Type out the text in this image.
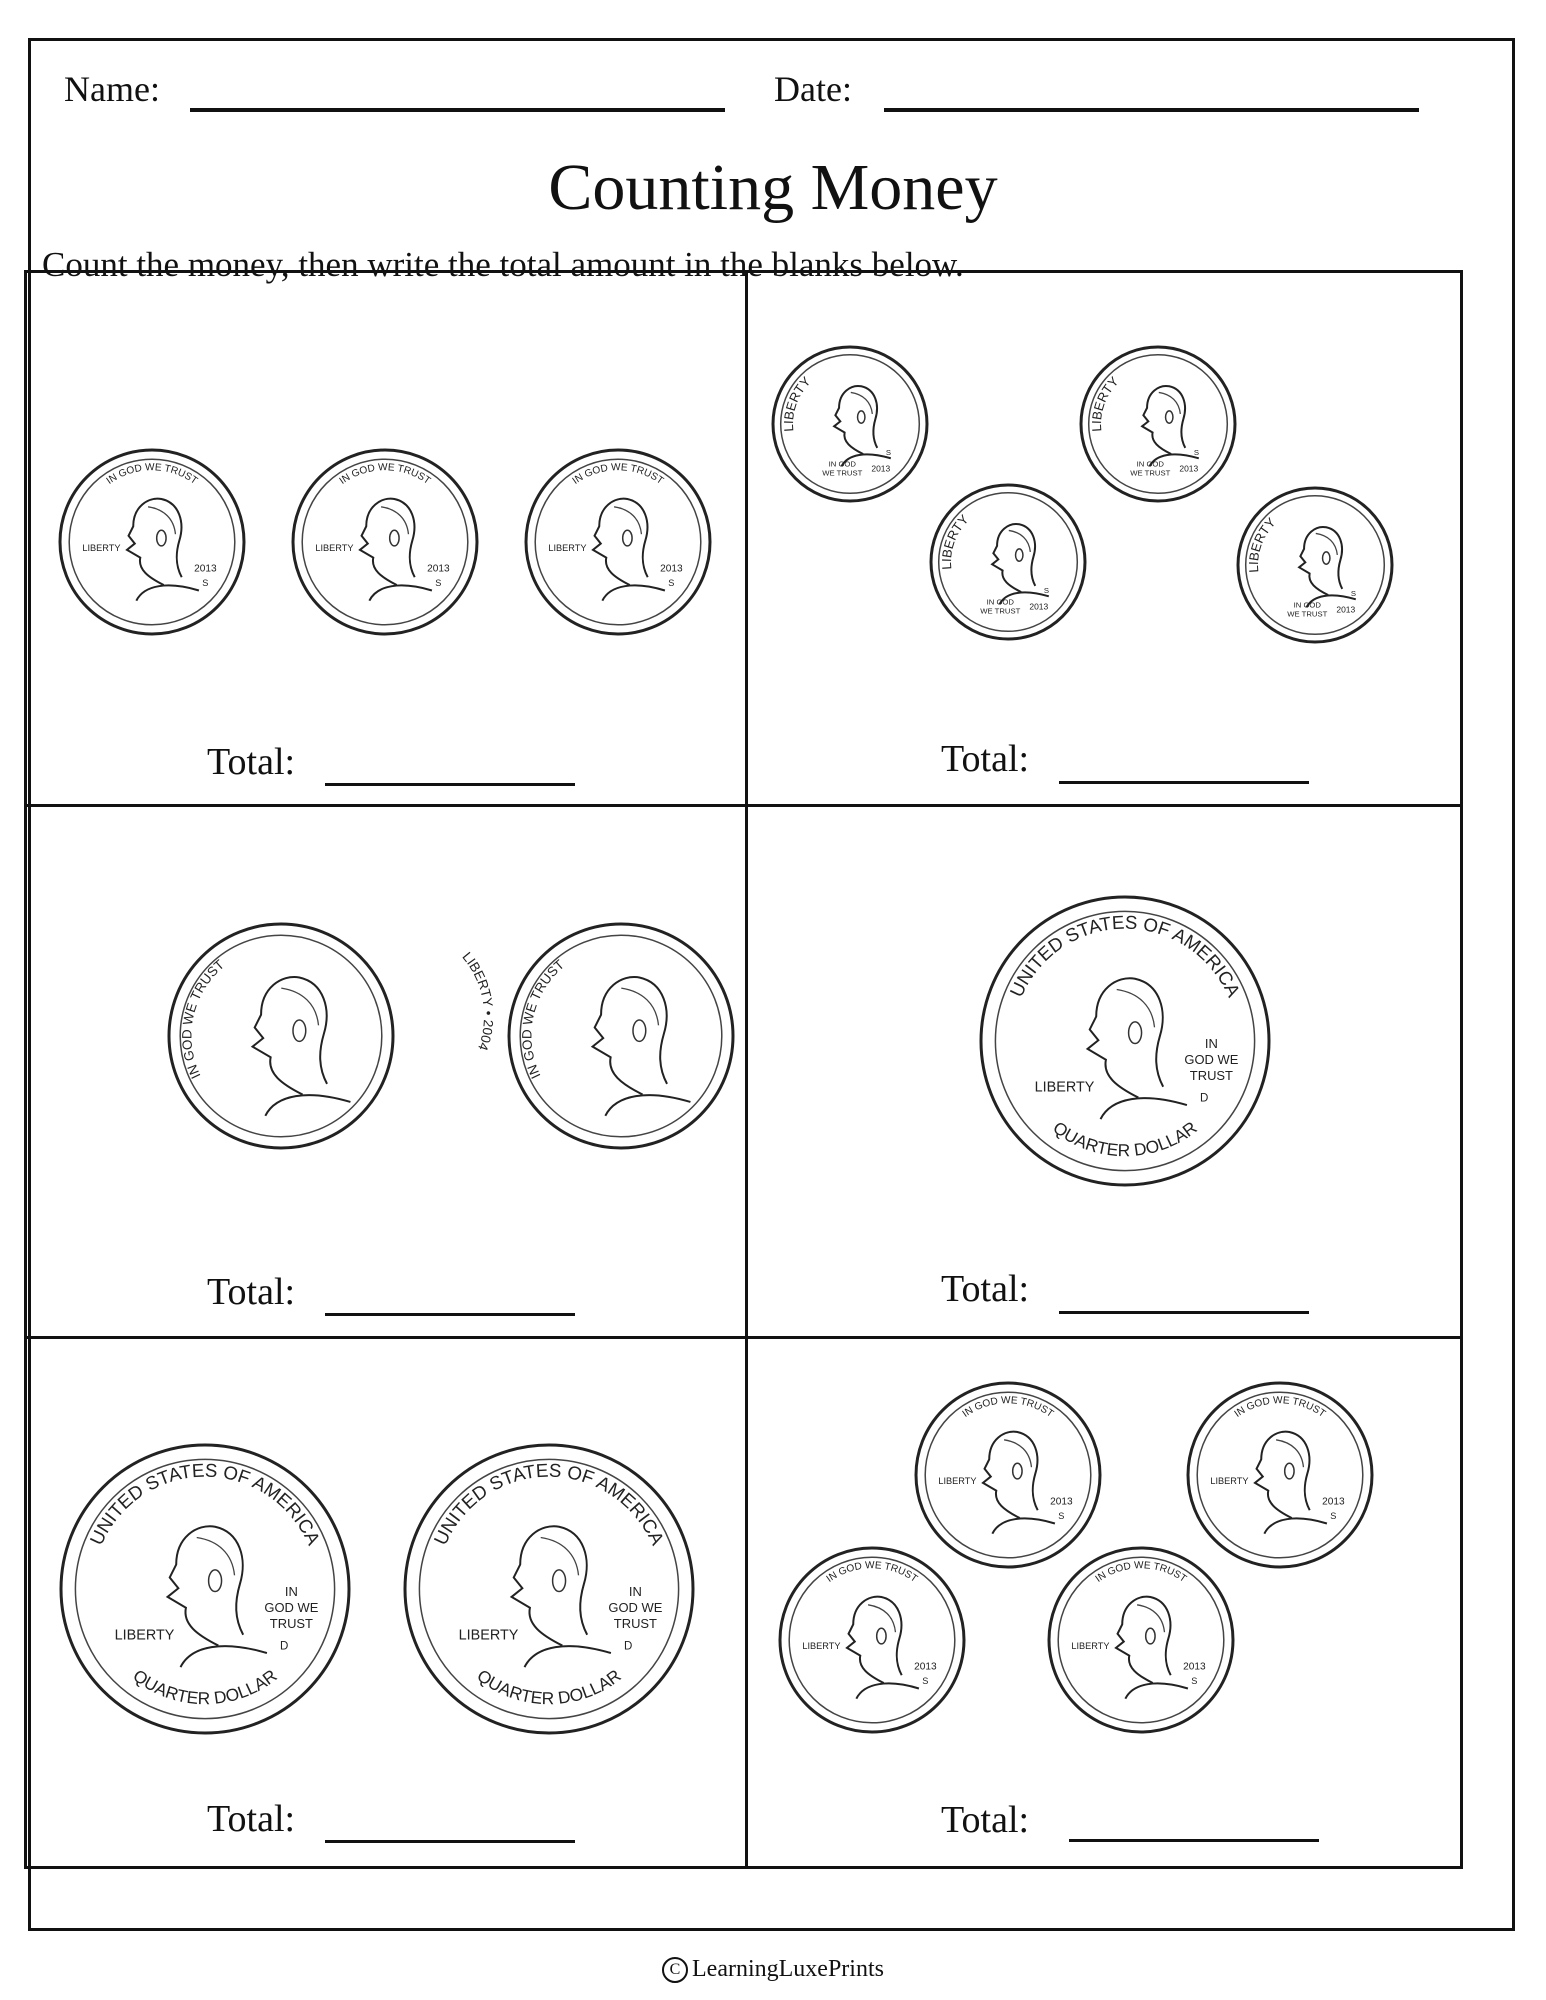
Name:	Date:
Counting Money
Count the money, then write the total amount in the blanks below.
IN GOD WE TRUST
LIBERTY
2013
S
IN GOD WE TRUST
LIBERTY
2013
S
IN GOD WE TRUST
LIBERTY
2013
S
Total:
LIBERTY
IN GOD
WE TRUST 2013
S
LIBERTY
IN GOD
WE TRUST 2013
S
LIBERTY
IN GOD
WE TRUST 2013
S
LIBERTY
IN GOD
WE TRUST 2013
S
Total:
IN GOD WE TRUST
LIBERTY • 2004
IN GOD WE TRUST
Total:
UNITED STATES OF AMERICA
QUARTER DOLLAR
LIBERTY
IN
GOD WE
TRUST
D
Total:
UNITED STATES OF AMERICA
QUARTER DOLLAR
LIBERTY
IN
GOD WE
TRUST
D
UNITED STATES OF AMERICA
QUARTER DOLLAR
LIBERTY
IN
GOD WE
TRUST
D
Total:
IN GOD WE TRUST
LIBERTY
2013
S
IN GOD WE TRUST
LIBERTY
2013
S
IN GOD WE TRUST
LIBERTY
2013
S
IN GOD WE TRUST
LIBERTY
2013
S
Total:
C LearningLuxePrints
